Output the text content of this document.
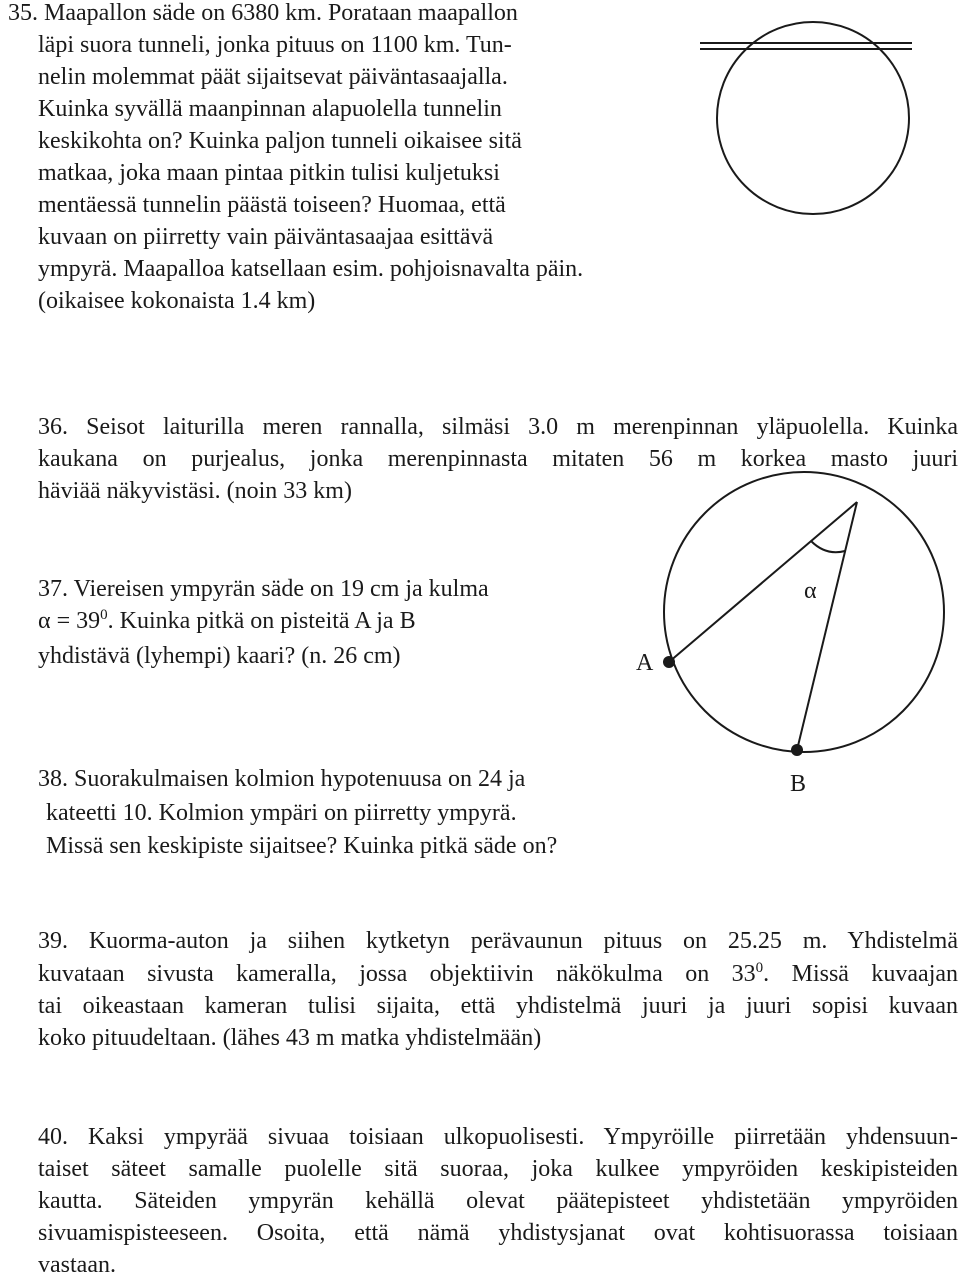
35. Maapallon säde on 6380 km. Porataan maapallon
läpi suora tunneli, jonka pituus on 1100 km. Tun-
nelin molemmat päät sijaitsevat päiväntasaajalla.
Kuinka syvällä maanpinnan alapuolella tunnelin
keskikohta on? Kuinka paljon tunneli oikaisee sitä
matkaa, joka maan pintaa pitkin tulisi kuljetuksi
mentäessä tunnelin päästä toiseen? Huomaa, että
kuvaan on piirretty vain päiväntasaajaa esittävä
ympyrä. Maapalloa katsellaan esim. pohjoisnavalta päin.
(oikaisee kokonaista 1.4 km)
36. Seisot laiturilla meren rannalla, silmäsi 3.0 m merenpinnan yläpuolella. Kuinka
kaukana on purjealus, jonka merenpinnasta mitaten 56 m korkea masto juuri
häviää näkyvistäsi. (noin 33 km)
37. Viereisen ympyrän säde on 19 cm ja kulma
$\alpha = 39^0$. Kuinka pitkä on pisteitä A ja B
yhdistävä (lyhempi) kaari? (n. 26 cm)
38. Suorakulmaisen kolmion hypotenuusa on 24 ja
kateetti 10. Kolmion ympäri on piirretty ympyrä.
Missä sen keskipiste sijaitsee? Kuinka pitkä säde on?
39. Kuorma-auton ja siihen kytketyn perävaunun pituus on 25.25 m. Yhdistelmä
kuvataan sivusta kameralla, jossa objektiivin näkökulma on $33^0$. Missä kuvaajan
tai oikeastaan kameran tulisi sijaita, että yhdistelmä juuri ja juuri sopisi kuvaan
koko pituudeltaan. (lähes 43 m matka yhdistelmään)
40. Kaksi ympyrää sivuaa toisiaan ulkopuolisesti. Ympyröille piirretään yhdensuun-
taiset säteet samalle puolelle sitä suoraa, joka kulkee ympyröiden keskipisteiden
kautta. Säteiden ympyrän kehällä olevat päätepisteet yhdistetään ympyröiden
sivuamispisteeseen. Osoita, että nämä yhdistysjanat ovat kohtisuorassa toisiaan
vastaan.
α
A
B
